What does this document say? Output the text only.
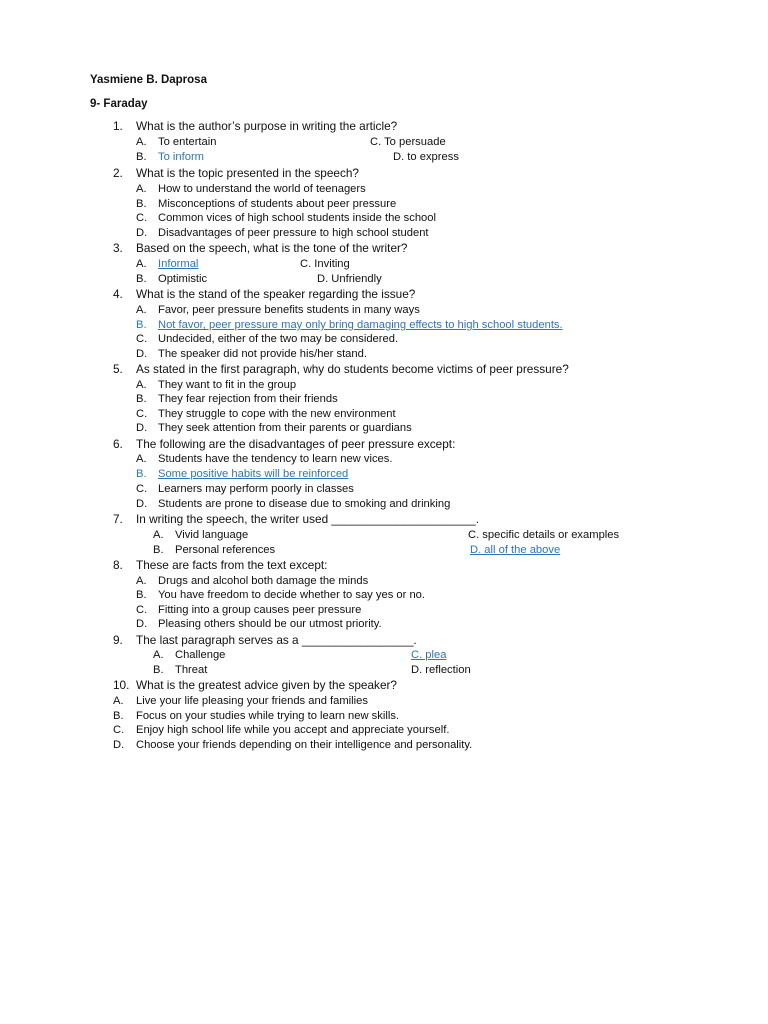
Yasmiene B. Daprosa
9- Faraday
1. What is the author’s purpose in writing the article?
A. To entertain	C. To persuade
B. To inform	D. to express
2. What is the topic presented in the speech?
A. How to understand the world of teenagers
B. Misconceptions of students about peer pressure
C. Common vices of high school students inside the school
D. Disadvantages of peer pressure to high school student
3. Based on the speech, what is the tone of the writer?
A. Informal	C. Inviting
B. Optimistic	D. Unfriendly
4. What is the stand of the speaker regarding the issue?
A. Favor, peer pressure benefits students in many ways
B. Not favor, peer pressure may only bring damaging effects to high school students.
C. Undecided, either of the two may be considered.
D. The speaker did not provide his/her stand.
5. As stated in the first paragraph, why do students become victims of peer pressure?
A. They want to fit in the group
B. They fear rejection from their friends
C. They struggle to cope with the new environment
D. They seek attention from their parents or guardians
6. The following are the disadvantages of peer pressure except:
A. Students have the tendency to learn new vices.
B. Some positive habits will be reinforced
C. Learners may perform poorly in classes
D. Students are prone to disease due to smoking and drinking
7. In writing the speech, the writer used ______________________.
A. Vivid language	C. specific details or examples
B. Personal references	D. all of the above
8. These are facts from the text except:
A. Drugs and alcohol both damage the minds
B. You have freedom to decide whether to say yes or no.
C. Fitting into a group causes peer pressure
D. Pleasing others should be our utmost priority.
9. The last paragraph serves as a _________________.
A. Challenge	C. plea
B. Threat	D. reflection
10. What is the greatest advice given by the speaker?
A. Live your life pleasing your friends and families
B. Focus on your studies while trying to learn new skills.
C. Enjoy high school life while you accept and appreciate yourself.
D. Choose your friends depending on their intelligence and personality.
